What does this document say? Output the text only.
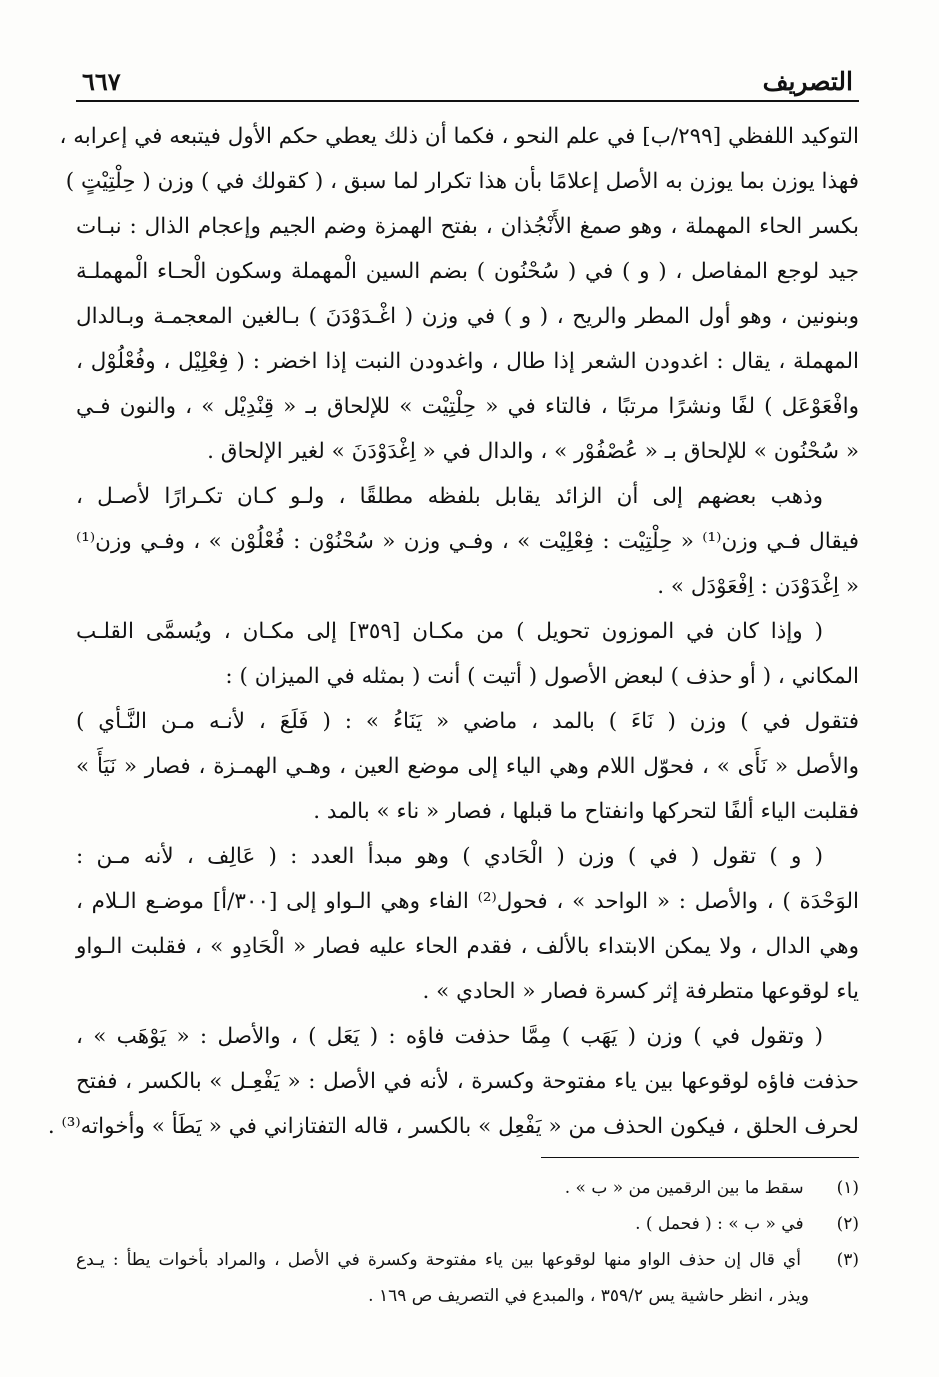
التصريف
٦٦٧
التوكيد اللفظي [٢٩٩/ب] في علم النحو ، فكما أن ذلك يعطي حكم الأول فيتبعه في إعرابه ،
فهذا يوزن بما يوزن به الأصل إعلامًا بأن هذا تكرار لما سبق ، ( كقولك في ) وزن ( حِلْتِيْتٍ )
بكسر الحاء المهملة ، وهو صمغ الأَنْجُذان ، بفتح الهمزة وضم الجيم وإعجام الذال : نبـات
جيد لوجع المفاصل ، ( و ) في ( سُحْنُون ) بضم السين الْمهملة وسكون الْحـاء الْمهملـة
وبنونين ، وهو أول المطر والريح ، ( و ) في وزن ( اغْـدَوْدَنَ ) بـالغين المعجمـة وبـالدال
المهملة ، يقال : اغدودن الشعر إذا طال ، واغدودن النبت إذا اخضر : ( فِعْلِيْل ، وفُعْلُوْل ،
وافْعَوْعَل ) لفًا ونشرًا مرتبًا ، فالتاء في « حِلْتِيْت » للإلحاق بـ « قِنْدِيْل » ، والنون فـي
« سُحْنُون » للإلحاق بـ « عُصْفُوْر » ، والدال في « اِغْدَوْدَنَ » لغير الإلحاق .
وذهب بعضهم إلى أن الزائد يقابل بلفظه مطلقًا ، ولـو كـان تكـرارًا لأصـل ،
فيقال فـي وزن⁽¹⁾ « حِلْتِيْت : فِعْلِيْت » ، وفـي وزن « سُحْنُوْن : فُعْلُوْن » ، وفـي وزن⁽¹⁾
« اِغْدَوْدَن : اِفْعَوْدَل » .
( وإذا كان في الموزون تحويل ) من مكـان [٣٥٩] إلى مكـان ، ويُسمَّى القلـب
المكاني ، ( أو حذف ) لبعض الأصول ( أتيت ) أنت ( بمثله في الميزان ) :
فتقول في ) وزن ( نَاءَ ) بالمد ، ماضي « يَنَاءُ » : ( فَلَعَ ، لأنـه مـن النَّـأي )
والأصل « نَأَى » ، فحوّل اللام وهي الياء إلى موضع العين ، وهـي الهمـزة ، فصار « نَيَأَ »
فقلبت الياء ألفًا لتحركها وانفتاح ما قبلها ، فصار « ناء » بالمد .
( و ) تقول ( في ) وزن ( الْحَادي ) وهو مبدأ العدد : ( عَالِف ، لأنه مـن :
الوَحْدَة ) ، والأصل : « الواحد » ، فحول⁽²⁾ الفاء وهي الـواو إلى [٣٠٠/أ] موضـع الـلام ،
وهي الدال ، ولا يمكن الابتداء بالألف ، فقدم الحاء عليه فصار « الْحَادِو » ، فقلبت الـواو
ياء لوقوعها متطرفة إثر كسرة فصار « الحادي » .
( وتقول في ) وزن ( يَهَب ) مِمَّا حذفت فاؤه : ( يَعَل ) ، والأصل : « يَوْهَب » ،
حذفت فاؤه لوقوعها بين ياء مفتوحة وكسرة ، لأنه في الأصل : « يَفْعِـل » بالكسر ، ففتح
لحرف الحلق ، فيكون الحذف من « يَفْعِل » بالكسر ، قاله التفتازاني في « يَطَأ » وأخواته⁽³⁾ .
(١) سقط ما بين الرقمين من « ب » .
(٢) في « ب » : ( فحمل ) .
(٣) أي قال إن حذف الواو منها لوقوعها بين ياء مفتوحة وكسرة في الأصل ، والمراد بأخوات يطأ : يـدع
ويذر ، انظر حاشية يس ٣٥٩/٢ ، والمبدع في التصريف ص ١٦٩ .
